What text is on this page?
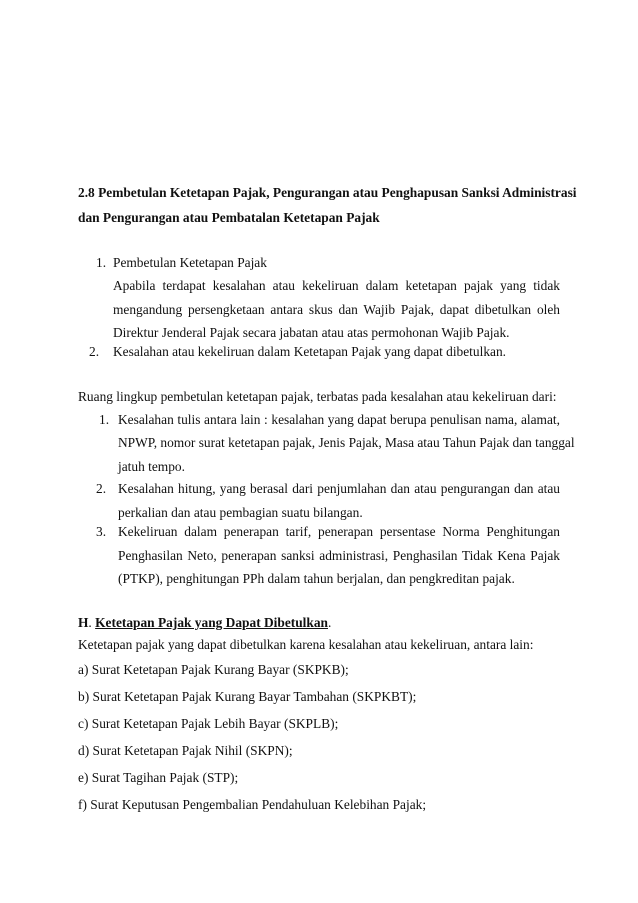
2.8 Pembetulan Ketetapan Pajak, Pengurangan atau Penghapusan Sanksi Administrasi
dan Pengurangan atau Pembatalan Ketetapan Pajak
1. Pembetulan Ketetapan Pajak
Apabila terdapat kesalahan atau kekeliruan dalam ketetapan pajak yang tidak
mengandung persengketaan antara skus dan Wajib Pajak, dapat dibetulkan oleh
Direktur Jenderal Pajak secara jabatan atau atas permohonan Wajib Pajak.
2. Kesalahan atau kekeliruan dalam Ketetapan Pajak yang dapat dibetulkan.
Ruang lingkup pembetulan ketetapan pajak, terbatas pada kesalahan atau kekeliruan dari:
1. Kesalahan tulis antara lain : kesalahan yang dapat berupa penulisan nama, alamat,
NPWP, nomor surat ketetapan pajak, Jenis Pajak, Masa atau Tahun Pajak dan tanggal
jatuh tempo.
2. Kesalahan hitung, yang berasal dari penjumlahan dan atau pengurangan dan atau
perkalian dan atau pembagian suatu bilangan.
3. Kekeliruan dalam penerapan tarif, penerapan persentase Norma Penghitungan
Penghasilan Neto, penerapan sanksi administrasi, Penghasilan Tidak Kena Pajak
(PTKP), penghitungan PPh dalam tahun berjalan, dan pengkreditan pajak.
H. Ketetapan Pajak yang Dapat Dibetulkan.
Ketetapan pajak yang dapat dibetulkan karena kesalahan atau kekeliruan, antara lain:
a) Surat Ketetapan Pajak Kurang Bayar (SKPKB);
b) Surat Ketetapan Pajak Kurang Bayar Tambahan (SKPKBT);
c) Surat Ketetapan Pajak Lebih Bayar (SKPLB);
d) Surat Ketetapan Pajak Nihil (SKPN);
e) Surat Tagihan Pajak (STP);
f) Surat Keputusan Pengembalian Pendahuluan Kelebihan Pajak;
